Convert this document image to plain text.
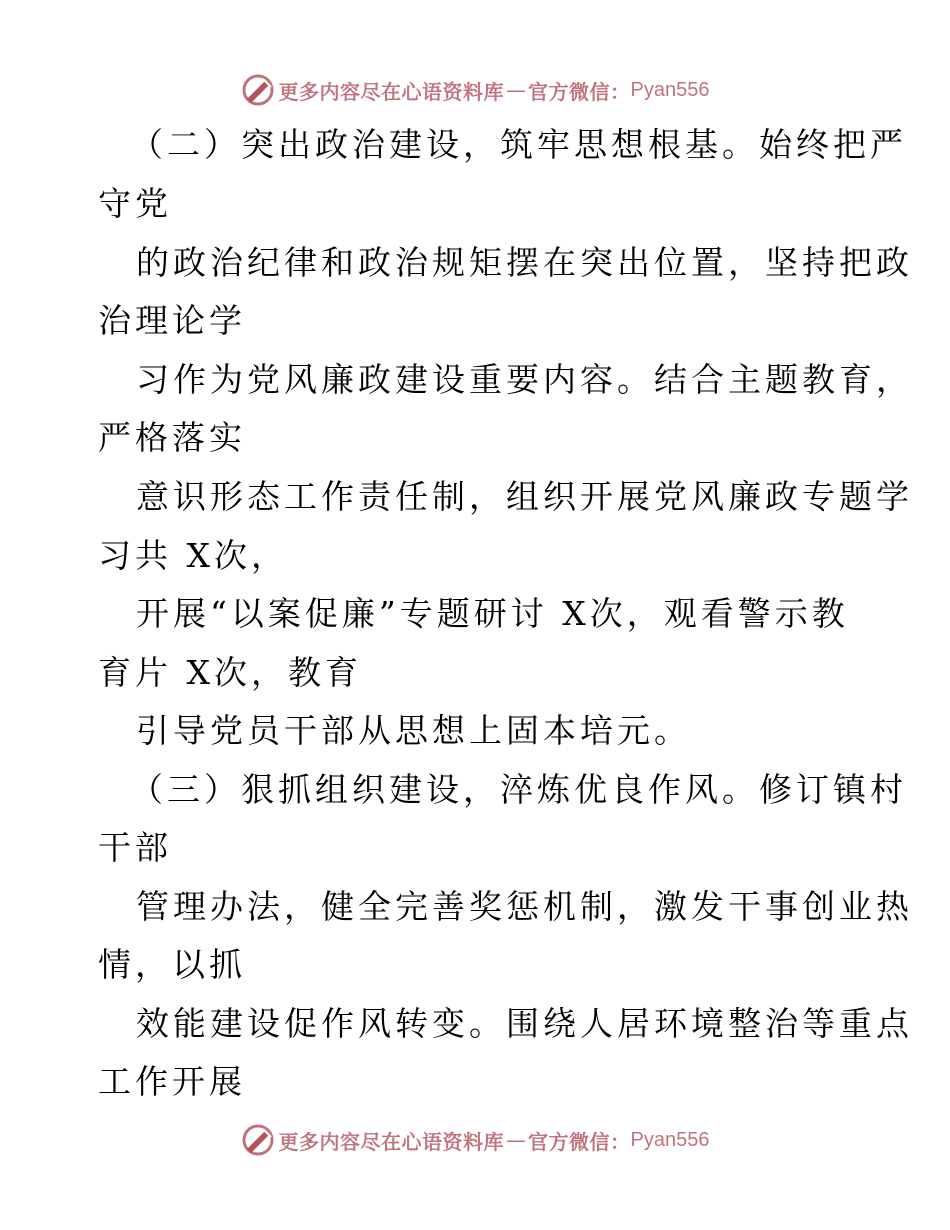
更多内容尽在心语资料库 — 官方微信： Pyan556
（二）突出政治建设，筑牢思想根基。始终把严
守党
的政治纪律和政治规矩摆在突出位置，坚持把政
治理论学
习作为党风廉政建设重要内容。结合主题教育，
严格落实
意识形态工作责任制，组织开展党风廉政专题学
习共 X次，
开展“以案促廉”专题研讨 X次，观看警示教
育片 X次，教育
引导党员干部从思想上固本培元。
（三）狠抓组织建设，淬炼优良作风。修订镇村
干部
管理办法，健全完善奖惩机制，激发干事创业热
情，以抓
效能建设促作风转变。围绕人居环境整治等重点
工作开展
更多内容尽在心语资料库 — 官方微信： Pyan556
